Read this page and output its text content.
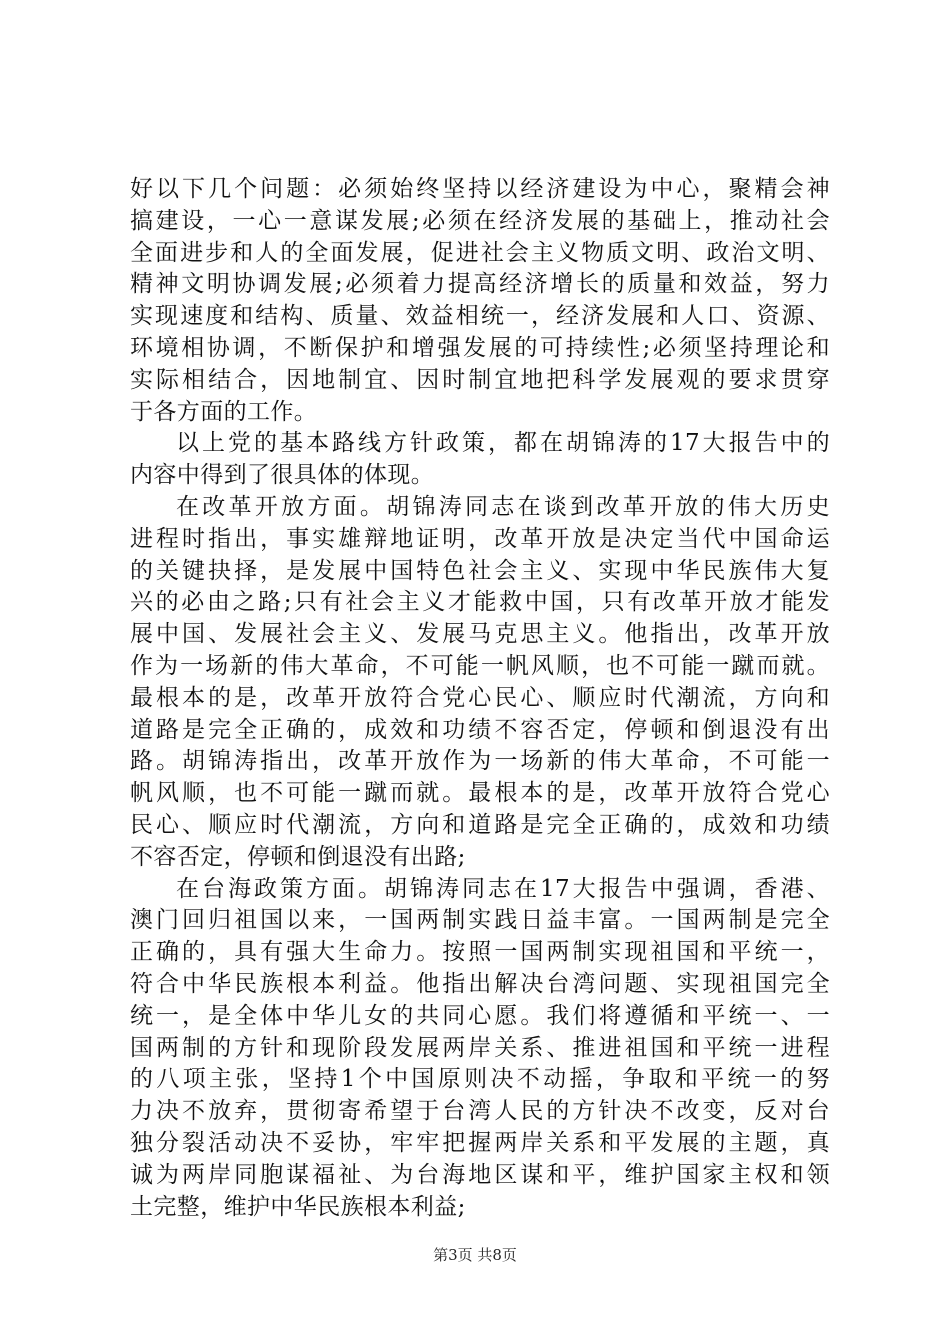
好以下几个问题：必须始终坚持以经济建设为中心，聚精会神
搞建设，一心一意谋发展;必须在经济发展的基础上，推动社会
全面进步和人的全面发展，促进社会主义物质文明、政治文明、
精神文明协调发展;必须着力提高经济增长的质量和效益，努力
实现速度和结构、质量、效益相统一，经济发展和人口、资源、
环境相协调，不断保护和增强发展的可持续性;必须坚持理论和
实际相结合，因地制宜、因时制宜地把科学发展观的要求贯穿
于各方面的工作。
以上党的基本路线方针政策，都在胡锦涛的17大报告中的
内容中得到了很具体的体现。
在改革开放方面。胡锦涛同志在谈到改革开放的伟大历史
进程时指出，事实雄辩地证明，改革开放是决定当代中国命运
的关键抉择，是发展中国特色社会主义、实现中华民族伟大复
兴的必由之路;只有社会主义才能救中国，只有改革开放才能发
展中国、发展社会主义、发展马克思主义。他指出，改革开放
作为一场新的伟大革命，不可能一帆风顺，也不可能一蹴而就。
最根本的是，改革开放符合党心民心、顺应时代潮流，方向和
道路是完全正确的，成效和功绩不容否定，停顿和倒退没有出
路。胡锦涛指出，改革开放作为一场新的伟大革命，不可能一
帆风顺，也不可能一蹴而就。最根本的是，改革开放符合党心
民心、顺应时代潮流，方向和道路是完全正确的，成效和功绩
不容否定，停顿和倒退没有出路;
在台海政策方面。胡锦涛同志在17大报告中强调，香港、
澳门回归祖国以来，一国两制实践日益丰富。一国两制是完全
正确的，具有强大生命力。按照一国两制实现祖国和平统一，
符合中华民族根本利益。他指出解决台湾问题、实现祖国完全
统一，是全体中华儿女的共同心愿。我们将遵循和平统一、一
国两制的方针和现阶段发展两岸关系、推进祖国和平统一进程
的八项主张，坚持1个中国原则决不动摇，争取和平统一的努
力决不放弃，贯彻寄希望于台湾人民的方针决不改变，反对台
独分裂活动决不妥协，牢牢把握两岸关系和平发展的主题，真
诚为两岸同胞谋福祉、为台海地区谋和平，维护国家主权和领
土完整，维护中华民族根本利益;
第3页 共8页
